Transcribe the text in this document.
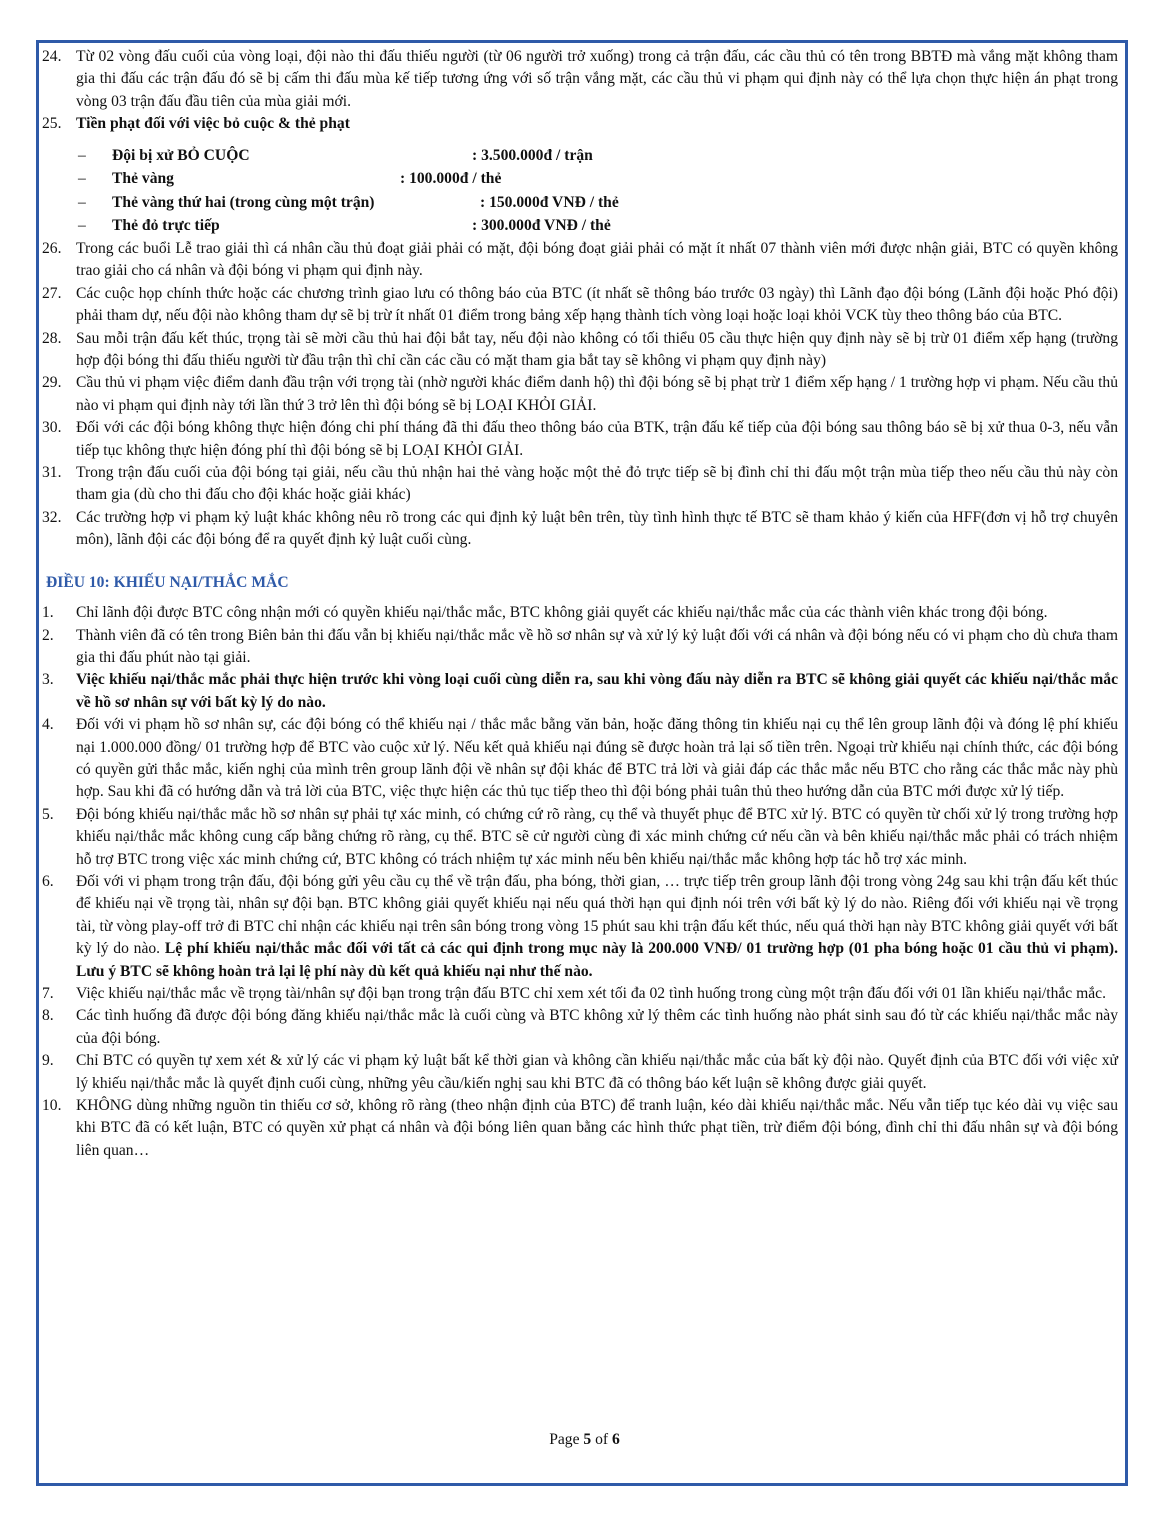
24. Từ 02 vòng đấu cuối của vòng loại, đội nào thi đấu thiếu người (từ 06 người trở xuống) trong cả trận đấu, các cầu thủ có tên trong BBTĐ mà vắng mặt không tham gia thi đấu các trận đấu đó sẽ bị cấm thi đấu mùa kế tiếp tương ứng với số trận vắng mặt, các cầu thủ vi phạm qui định này có thể lựa chọn thực hiện án phạt trong vòng 03 trận đấu đầu tiên của mùa giải mới.
25. Tiền phạt đối với việc bỏ cuộc & thẻ phạt
–	Đội bị xử BỎ CUỘC	: 3.500.000đ / trận
–	Thẻ vàng	: 100.000đ / thẻ
–	Thẻ vàng thứ hai (trong cùng một trận)	: 150.000đ VNĐ / thẻ
–	Thẻ đỏ trực tiếp	: 300.000đ VNĐ / thẻ
26. Trong các buổi Lễ trao giải thì cá nhân cầu thủ đoạt giải phải có mặt, đội bóng đoạt giải phải có mặt ít nhất 07 thành viên mới được nhận giải, BTC có quyền không trao giải cho cá nhân và đội bóng vi phạm qui định này.
27. Các cuộc họp chính thức hoặc các chương trình giao lưu có thông báo của BTC (ít nhất sẽ thông báo trước 03 ngày) thì Lãnh đạo đội bóng (Lãnh đội hoặc Phó đội) phải tham dự, nếu đội nào không tham dự sẽ bị trừ ít nhất 01 điểm trong bảng xếp hạng thành tích vòng loại hoặc loại khỏi VCK tùy theo thông báo của BTC.
28. Sau mỗi trận đấu kết thúc, trọng tài sẽ mời cầu thủ hai đội bắt tay, nếu đội nào không có tối thiểu 05 cầu thực hiện quy định này sẽ bị trừ 01 điểm xếp hạng (trường hợp đội bóng thi đấu thiếu người từ đầu trận thì chỉ cần các cầu có mặt tham gia bắt tay sẽ không vi phạm quy định này)
29. Cầu thủ vi phạm việc điểm danh đầu trận với trọng tài (nhờ người khác điểm danh hộ) thì đội bóng sẽ bị phạt trừ 1 điểm xếp hạng / 1 trường hợp vi phạm. Nếu cầu thủ nào vi phạm qui định này tới lần thứ 3 trở lên thì đội bóng sẽ bị LOẠI KHỎI GIẢI.
30. Đối với các đội bóng không thực hiện đóng chi phí tháng đã thi đấu theo thông báo của BTK, trận đấu kế tiếp của đội bóng sau thông báo sẽ bị xử thua 0-3, nếu vẫn tiếp tục không thực hiện đóng phí thì đội bóng sẽ bị LOẠI KHỎI GIẢI.
31. Trong trận đấu cuối của đội bóng tại giải, nếu cầu thủ nhận hai thẻ vàng hoặc một thẻ đỏ trực tiếp sẽ bị đình chỉ thi đấu một trận mùa tiếp theo nếu cầu thủ này còn tham gia (dù cho thi đấu cho đội khác hoặc giải khác)
32. Các trường hợp vi phạm kỷ luật khác không nêu rõ trong các qui định kỷ luật bên trên, tùy tình hình thực tế BTC sẽ tham khảo ý kiến của HFF(đơn vị hỗ trợ chuyên môn), lãnh đội các đội bóng để ra quyết định kỷ luật cuối cùng.
ĐIỀU 10: KHIẾU NẠI/THẮC MẮC
1.	Chỉ lãnh đội được BTC công nhận mới có quyền khiếu nại/thắc mắc, BTC không giải quyết các khiếu nại/thắc mắc của các thành viên khác trong đội bóng.
2.	Thành viên đã có tên trong Biên bản thi đấu vẫn bị khiếu nại/thắc mắc về hồ sơ nhân sự và xử lý kỷ luật đối với cá nhân và đội bóng nếu có vi phạm cho dù chưa tham gia thi đấu phút nào tại giải.
3.	Việc khiếu nại/thắc mắc phải thực hiện trước khi vòng loại cuối cùng diễn ra, sau khi vòng đấu này diễn ra BTC sẽ không giải quyết các khiếu nại/thắc mắc về hồ sơ nhân sự với bất kỳ lý do nào.
4.	Đối với vi phạm hồ sơ nhân sự, các đội bóng có thể khiếu nại / thắc mắc bằng văn bản, hoặc đăng thông tin khiếu nại cụ thể lên group lãnh đội và đóng lệ phí khiếu nại 1.000.000 đồng/ 01 trường hợp để BTC vào cuộc xử lý. Nếu kết quả khiếu nại đúng sẽ được hoàn trả lại số tiền trên. Ngoại trừ khiếu nại chính thức, các đội bóng có quyền gửi thắc mắc, kiến nghị của mình trên group lãnh đội về nhân sự đội khác để BTC trả lời và giải đáp các thắc mắc nếu BTC cho rằng các thắc mắc này phù hợp. Sau khi đã có hướng dẫn và trả lời của BTC, việc thực hiện các thủ tục tiếp theo thì đội bóng phải tuân thủ theo hướng dẫn của BTC mới được xử lý tiếp.
5.	Đội bóng khiếu nại/thắc mắc hồ sơ nhân sự phải tự xác minh, có chứng cứ rõ ràng, cụ thể và thuyết phục để BTC xử lý. BTC có quyền từ chối xử lý trong trường hợp khiếu nại/thắc mắc không cung cấp bằng chứng rõ ràng, cụ thể. BTC sẽ cử người cùng đi xác minh chứng cứ nếu cần và bên khiếu nại/thắc mắc phải có trách nhiệm hỗ trợ BTC trong việc xác minh chứng cứ, BTC không có trách nhiệm tự xác minh nếu bên khiếu nại/thắc mắc không hợp tác hỗ trợ xác minh.
6.	Đối với vi phạm trong trận đấu, đội bóng gửi yêu cầu cụ thể về trận đấu, pha bóng, thời gian, … trực tiếp trên group lãnh đội trong vòng 24g sau khi trận đấu kết thúc để khiếu nại về trọng tài, nhân sự đội bạn. BTC không giải quyết khiếu nại nếu quá thời hạn qui định nói trên với bất kỳ lý do nào. Riêng đối với khiếu nại về trọng tài, từ vòng play-off trở đi BTC chỉ nhận các khiếu nại trên sân bóng trong vòng 15 phút sau khi trận đấu kết thúc, nếu quá thời hạn này BTC không giải quyết với bất kỳ lý do nào. Lệ phí khiếu nại/thắc mắc đối với tất cả các qui định trong mục này là 200.000 VNĐ/ 01 trường hợp (01 pha bóng hoặc 01 cầu thủ vi phạm). Lưu ý BTC sẽ không hoàn trả lại lệ phí này dù kết quả khiếu nại như thế nào.
7.	Việc khiếu nại/thắc mắc về trọng tài/nhân sự đội bạn trong trận đấu BTC chỉ xem xét tối đa 02 tình huống trong cùng một trận đấu đối với 01 lần khiếu nại/thắc mắc.
8.	Các tình huống đã được đội bóng đăng khiếu nại/thắc mắc là cuối cùng và BTC không xử lý thêm các tình huống nào phát sinh sau đó từ các khiếu nại/thắc mắc này của đội bóng.
9.	Chỉ BTC có quyền tự xem xét & xử lý các vi phạm kỷ luật bất kể thời gian và không cần khiếu nại/thắc mắc của bất kỳ đội nào. Quyết định của BTC đối với việc xử lý khiếu nại/thắc mắc là quyết định cuối cùng, những yêu cầu/kiến nghị sau khi BTC đã có thông báo kết luận sẽ không được giải quyết.
10. KHÔNG dùng những nguồn tin thiếu cơ sở, không rõ ràng (theo nhận định của BTC) để tranh luận, kéo dài khiếu nại/thắc mắc. Nếu vẫn tiếp tục kéo dài vụ việc sau khi BTC đã có kết luận, BTC có quyền xử phạt cá nhân và đội bóng liên quan bằng các hình thức phạt tiền, trừ điểm đội bóng, đình chỉ thi đấu nhân sự và đội bóng liên quan…
Page 5 of 6
